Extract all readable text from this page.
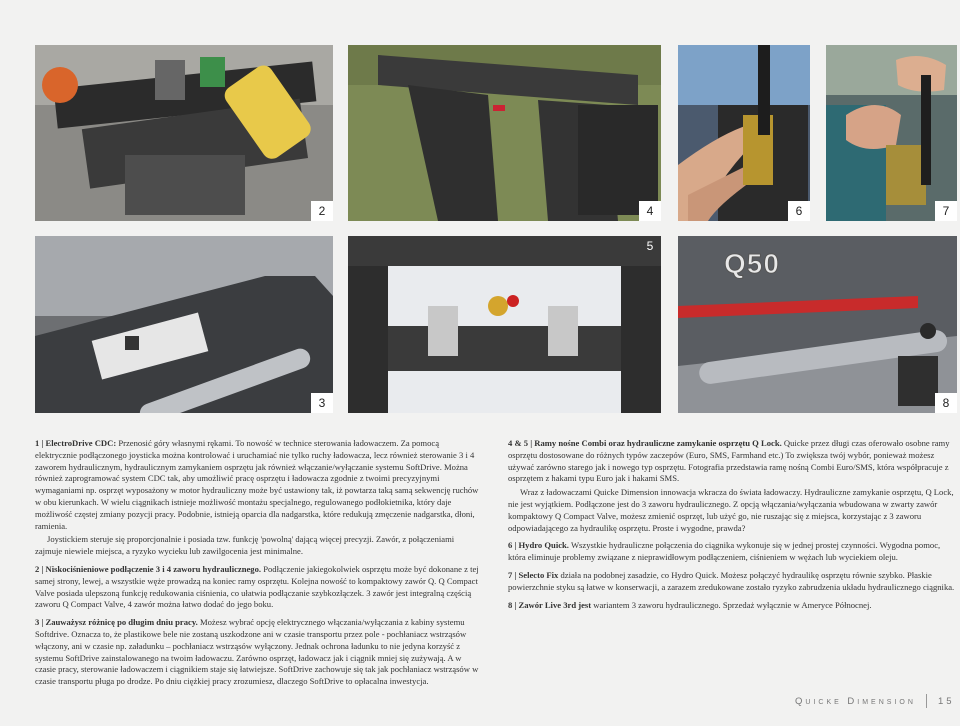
2	4	6	7
3
5
Q50
8

1 | ElectroDrive CDC: Przenosić góry własnymi rękami. To nowość w technice sterowania ładowaczem. Za pomocą elektrycznie podłączonego joysticka można kontrolować i uruchamiać nie tylko ruchy ładowacza, lecz również sterowanie 3 i 4 zaworem hydraulicznym, hydraulicznym zamykaniem osprzętu jak również włączanie/wyłączanie systemu SoftDrive. Można również zaprogramować system CDC tak, aby umożliwić pracę osprzętu i ładowacza zgodnie z twoimi precyzyjnymi wymaganiami np. osprzęt wyposażony w motor hydrauliczny może być ustawiony tak, iż powtarza taką samą sekwencję ruchów w obu kierunkach. W wielu ciągnikach istnieje możliwość montażu specjalnego, regulowanego podłokietnika, który daje możliwość częstej zmiany pozycji pracy. Podobnie, istnieją oparcia dla nadgarstka, które redukują zmęczenie nadgarstka, dłoni, ramienia.

Joystickiem steruje się proporcjonalnie i posiada tzw. funkcję 'powolną' dającą więcej precyzji. Zawór, z połączeniami zajmuje niewiele miejsca, a ryzyko wycieku lub zawilgocenia jest minimalne.

2 | Niskociśnieniowe podłączenie 3 i 4 zaworu hydraulicznego. Podłączenie jakiegokolwiek osprzętu może być dokonane z tej samej strony, lewej, a wszystkie węże prowadzą na koniec ramy osprzętu. Kolejna nowość to kompaktowy zawór Q. Q Compact Valve posiada ulepszoną funkcję redukowania ciśnienia, co ułatwia podłączanie szybkozłączek. 3 zawór jest integralną częścią zaworu Q Compact Valve, 4 zawór można łatwo dodać do jego boku.

3 | Zauważysz różnicę po długim dniu pracy. Możesz wybrać opcję elektrycznego włączania/wyłączania z kabiny systemu Softdrive. Oznacza to, że plastikowe bele nie zostaną uszkodzone ani w czasie transportu przez pole - pochłaniacz wstrząsów włączony, ani w czasie np. załadunku – pochłaniacz wstrząsów wyłączony. Jednak ochrona ładunku to nie jedyna korzyść z systemu SoftDrive zainstalowanego na twoim ładowaczu. Zarówno osprzęt, ładowacz jak i ciągnik mniej się zużywają. A w czasie pracy, sterowanie ładowaczem i ciągnikiem staje się łatwiejsze. SoftDrive zachowuje się tak jak pochłaniacz wstrząsów w czasie transportu pługa po drodze. Po dniu ciężkiej pracy zrozumiesz, dlaczego SoftDrive to opłacalna inwestycja.

4 & 5 | Ramy nośne Combi oraz hydrauliczne zamykanie osprzętu Q Lock. Quicke przez długi czas oferowało osobne ramy osprzętu dostosowane do różnych typów zaczepów (Euro, SMS, Farmhand etc.) To zwiększa twój wybór, ponieważ możesz używać zarówno starego jak i nowego typ osprzętu. Fotografia przedstawia ramę nośną Combi Euro/SMS, która współpracuje z osprzętem z hakami typu Euro jak i hakami SMS.

Wraz z ładowaczami Quicke Dimension innowacja wkracza do świata ładowaczy. Hydrauliczne zamykanie osprzętu, Q Lock, nie jest wyjątkiem. Podłączone jest do 3 zaworu hydraulicznego. Z opcją włączania/wyłączania wbudowana w zwarty zawór kompaktowy Q Compact Valve, możesz zmienić osprzęt, lub użyć go, nie ruszając się z miejsca, korzystając z 3 zaworu odpowiadającego za hydraulikę osprzętu. Proste i wygodne, prawda?

6 | Hydro Quick. Wszystkie hydrauliczne połączenia do ciągnika wykonuje się w jednej prostej czynności. Wygodna pomoc, która eliminuje problemy związane z nieprawidłowym podłączeniem, ciśnieniem w wężach lub wyciekiem oleju.

7 | Selecto Fix działa na podobnej zasadzie, co Hydro Quick. Możesz połączyć hydraulikę osprzętu równie szybko. Płaskie powierzchnie styku są łatwe w konserwacji, a zarazem zredukowane zostało ryzyko zabrudzenia układu hydraulicznego ciągnika.

8 | Zawór Live 3rd jest wariantem 3 zaworu hydraulicznego. Sprzedaż wyłącznie w Ameryce Północnej.

Quicke Dimension 15
